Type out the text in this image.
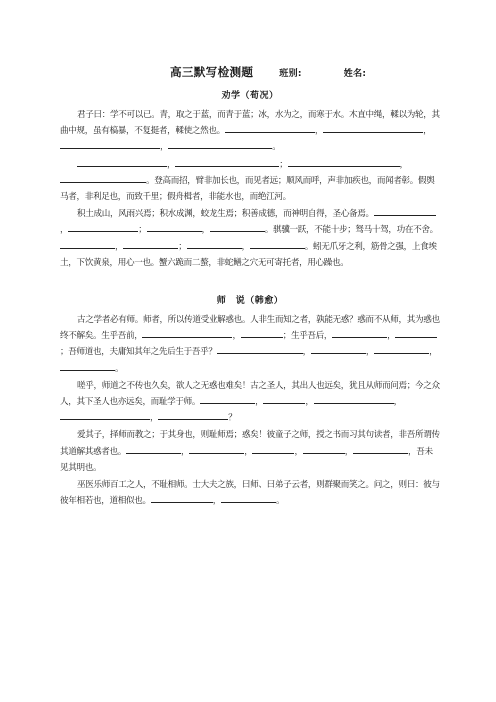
高三默写检测题	班别:	姓名:
劝学（荀况）

君子曰：学不可以已。青，取之于蓝，而青于蓝；冰，水为之，而寒于水。木直中绳，輮以为轮，其曲中规，虽有槁暴，不复挺者，輮使之然也。	，	，，	。

，	；	，。登高而招，臂非加长也，而见者远；顺风而呼，声非加疾也，而闻者彰。假舆马者，非利足也，而致千里；假舟楫者，非能水也，而绝江河。

积土成山，风雨兴焉；积水成渊，蛟龙生焉；积善成德，而神明自得，圣心备焉。，	；	，	。骐骥一跃，不能十步；驽马十驾，功在不舍。，	；	，	。蚓无爪牙之利，筋骨之强，上食埃土，下饮黄泉，用心一也。蟹六跪而二螯，非蛇鳝之穴无可寄托者，用心躁也。

师　说（韩愈）

古之学者必有师。师者，所以传道受业解惑也。人非生而知之者，孰能无惑？惑而不从师，其为惑也终不解矣。生乎吾前，	，	；生乎吾后，	，；吾师道也，夫庸知其年之先后生于吾乎？	，	，	，。

嗟乎，师道之不传也久矣，欲人之无惑也难矣！古之圣人，其出人也远矣，犹且从师而问焉；今之众人，其下圣人也亦远矣，而耻学于师。	，	，	，，	？

爱其子，择师而教之；于其身也，则耻师焉；惑矣！彼童子之师，授之书而习其句读者，非吾所谓传其道解其惑者也。	，	，	，	，	，吾未见其明也。

巫医乐师百工之人，不耻相师。士大夫之族，曰师、曰弟子云者，则群聚而笑之。问之，则曰：彼与彼年相若也，道相似也。	，	。
